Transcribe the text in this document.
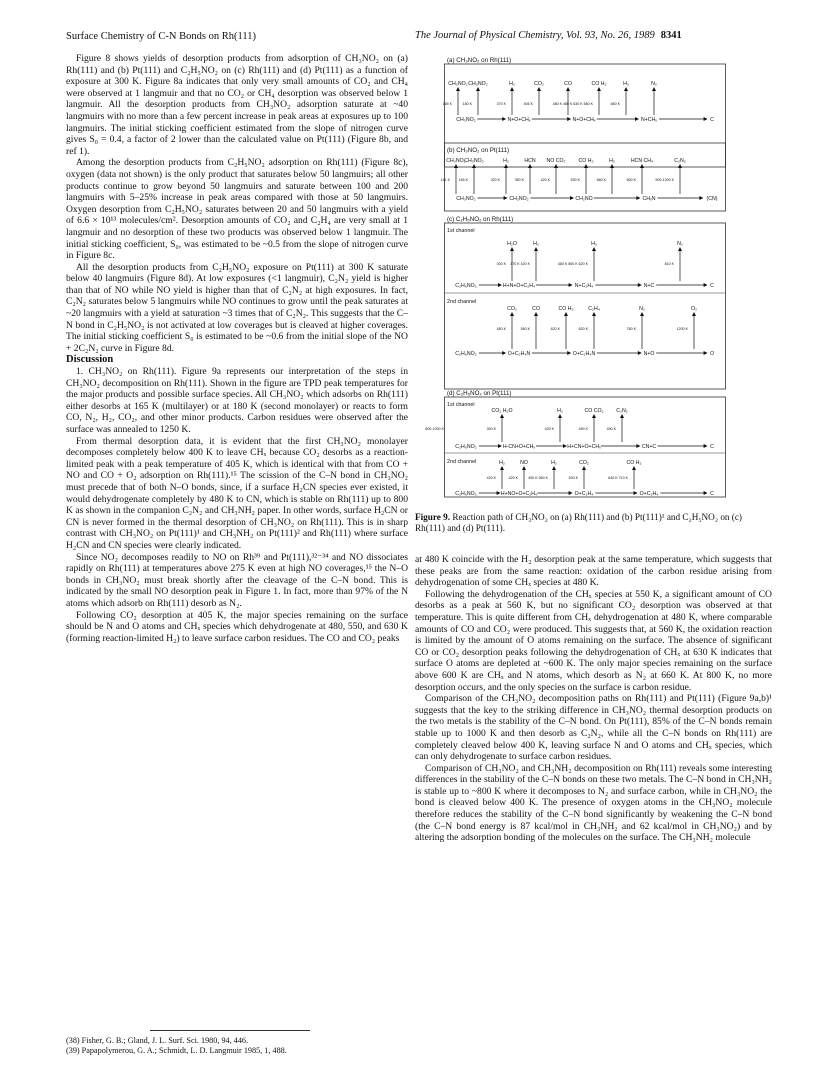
Surface Chemistry of C-N Bonds on Rh(111)	The Journal of Physical Chemistry, Vol. 93, No. 26, 1989 8341

Figure 8 shows yields of desorption products from adsorption of CH₃NO₂ on (a) Rh(111) and (b) Pt(111) and C₂H₅NO₂ on (c) Rh(111) and (d) Pt(111) as a function of exposure at 300 K. Figure 8a indicates that only very small amounts of CO₂ and CH₄ were observed at 1 langmuir and that no CO₂ or CH₄ desorption was observed below 1 langmuir. All the desorption products from CH₃NO₂ adsorption saturate at ~40 langmuirs with no more than a few percent increase in peak areas at exposures up to 100 langmuirs. The initial sticking coefficient estimated from the slope of nitrogen curve gives S₀ = 0.4, a factor of 2 lower than the calculated value on Pt(111) (Figure 8b, and ref 1).

Among the desorption products from C₂H₅NO₂ adsorption on Rh(111) (Figure 8c), oxygen (data not shown) is the only product that saturates below 50 langmuirs; all other products continue to grow beyond 50 langmuirs and saturate between 100 and 200 langmuirs with 5–25% increase in peak areas compared with those at 50 langmuirs. Oxygen desorption from C₂H₅NO₂ saturates between 20 and 50 langmuirs with a yield of 6.6 × 10¹³ molecules/cm². Desorption amounts of CO₂ and C₂H₄ are very small at 1 langmuir and no desorption of these two products was observed below 1 langmuir. The initial sticking coefficient, S₀, was estimated to be ~0.5 from the slope of nitrogen curve in Figure 8c.

All the desorption products from C₂H₅NO₂ exposure on Pt(111) at 300 K saturate below 40 langmuirs (Figure 8d). At low exposures (<1 langmuir), C₂N₂ yield is higher than that of NO while NO yield is higher than that of C₂N₂ at high exposures. In fact, C₂N₂ saturates below 5 langmuirs while NO continues to grow until the peak saturates at ~20 langmuirs with a yield at saturation ~3 times that of C₂N₂. This suggests that the C–N bond in C₂H₅NO₂ is not activated at low coverages but is cleaved at higher coverages. The initial sticking coefficient S₀ is estimated to be ~0.6 from the initial slope of the NO + 2C₂N₂ curve in Figure 8d.

Discussion

1. CH₃NO₂ on Rh(111). Figure 9a represents our interpretation of the steps in CH₃NO₂ decomposition on Rh(111). Shown in the figure are TPD peak temperatures for the major products and possible surface species. All CH₃NO₂ which adsorbs on Rh(111) either desorbs at 165 K (multilayer) or at 180 K (second monolayer) or reacts to form CO, N₂, H₂, CO₂, and other minor products. Carbon residues were observed after the surface was annealed to 1250 K.

From thermal desorption data, it is evident that the first CH₃NO₂ monolayer decomposes completely below 400 K to leave CHₓ because CO₂ desorbs as a reaction-limited peak with a peak temperature of 405 K, which is identical with that from CO + NO and CO + O₂ adsorption on Rh(111).¹⁵ The scission of the C–N bond in CH₃NO₂ must precede that of both N–O bonds, since, if a surface H₂CN species ever existed, it would dehydrogenate completely by 480 K to CN, which is stable on Rh(111) up to 800 K as shown in the companion C₂N₂ and CH₃NH₂ paper. In other words, surface H₂CN or CN is never formed in the thermal desorption of CH₃NO₂ on Rh(111). This is in sharp contrast with CH₃NO₂ on Pt(111)¹ and CH₃NH₂ on Pt(111)² and Rh(111) where surface H₂CN and CN species were clearly indicated.

Since NO₂ decomposes readily to NO on Rh³⁹ and Pt(111),³²⁻³⁴ and NO dissociates rapidly on Rh(111) at temperatures above 275 K even at high NO coverages,¹⁵ the N–O bonds in CH₃NO₂ must break shortly after the cleavage of the C–N bond. This is indicated by the small NO desorption peak in Figure 1. In fact, more than 97% of the N atoms which adsorb on Rh(111) desorb as N₂.

Following CO₂ desorption at 405 K, the major species remaining on the surface should be N and O atoms and CHₓ species which dehydrogenate at 480, 550, and 630 K (forming reaction-limited H₂) to leave surface carbon residues. The CO and CO₂ peaks

(38) Fisher, G. B.; Gland, J. L. Surf. Sci. 1980, 94, 446.
(39) Papapolymerou, G. A.; Schmidt, L. D. Langmuir 1985, 1, 488.
(a) CH₃NO₂ on Rh(111)
CH₃NO₂ CH₃NO₂	H₂	CO₂	CO	CO H₂	H₂	N₂
165 K	180 K	370 K	405 K	480 K 480 K 630 K 560 K	660 K
CH₃NO₂	N+O+CHₓ	N+O+CHₓ	N+CHₓ	C
(b) CH₃NO₂ on Pt(111)
CH₃NO₂
CH₃NO₂	H₂	HCN NO CO₂ CO H₂	H₂	HCN CH₄	C₂N₂
141 K 165 K	320 K	350 K	420 K	530 K	660 K	800 K	900-1200 K
CH₃NO₂	CH₂NO₂	CH₂NO	CHₓN	(CN)
(c) C₂H₅NO₂ on Rh(111)
1st channel
H₂O	H₂	H₂	N₂
300 K 370 K 420 K	480 K 560 K 620 K	810 K
C₂H₅NO₂	H+N+O+C₂H₄	N+C₂H₄	N+C	C
2nd channel
CO₂	CO	CO H₂	C₂H₄	N₂	O₂
480 K	560 K	620 K	620 K	760 K	1200 K
C₂H₅NO₂	O+C₂H₄N	O+C₂H₄N	N+O	O
(d) C₂H₅NO₂ on Pt(111)
1st channel
CO₂ H₂O	H₂	CO CO₂ C₂N₂
300 K	420 K	490 K	490 K
800-1000 K
C₂H₅NO₂	H-CN+O+CHₓ	H+CN+O+CHₓ	CN+C	C
2nd channel	H₂	NO	H₂	CO₂	CO H₂
420 K	420 K	490 K 560 K	530 K	640 K 710 K
C₂H₅NO₂	H+NO+O+C₂H₄	O+C₂H₄	O+C₂H₄	C
Figure 9. Reaction path of CH₃NO₂ on (a) Rh(111) and (b) Pt(111)¹ and C₂H₅NO₂ on (c) Rh(111) and (d) Pt(111).

at 480 K coincide with the H₂ desorption peak at the same temperature, which suggests that these peaks are from the same reaction: oxidation of the carbon residue arising from dehydrogenation of some CHₓ species at 480 K.

Following the dehydrogenation of the CHₓ species at 550 K, a significant amount of CO desorbs as a peak at 560 K, but no significant CO₂ desorption was observed at that temperature. This is quite different from CHₓ dehydrogenation at 480 K, where comparable amounts of CO and CO₂ were produced. This suggests that, at 560 K, the oxidation reaction is limited by the amount of O atoms remaining on the surface. The absence of significant CO or CO₂ desorption peaks following the dehydrogenation of CHₓ at 630 K indicates that surface O atoms are depleted at ~600 K. The only major species remaining on the surface above 600 K are CHₓ and N atoms, which desorb as N₂ at 660 K. At 800 K, no more desorption occurs, and the only species on the surface is carbon residue.

Comparison of the CH₃NO₂ decomposition paths on Rh(111) and Pt(111) (Figure 9a,b)¹ suggests that the key to the striking difference in CH₃NO₂ thermal desorption products on the two metals is the stability of the C–N bond. On Pt(111), 85% of the C–N bonds remain stable up to 1000 K and then desorb as C₂N₂, while all the C–N bonds on Rh(111) are completely cleaved below 400 K, leaving surface N and O atoms and CHₓ species, which can only dehydrogenate to surface carbon residues.

Comparison of CH₃NO₂ and CH₃NH₂ decomposition on Rh(111) reveals some interesting differences in the stability of the C–N bonds on these two metals. The C–N bond in CH₃NH₂ is stable up to ~800 K where it decomposes to N₂ and surface carbon, while in CH₃NO₂ the bond is cleaved below 400 K. The presence of oxygen atoms in the CH₃NO₂ molecule therefore reduces the stability of the C–N bond significantly by weakening the C–N bond (the C–N bond energy is 87 kcal/mol in CH₃NH₂ and 62 kcal/mol in CH₃NO₂) and by altering the adsorption bonding of the molecules on the surface. The CH₃NH₂ molecule
